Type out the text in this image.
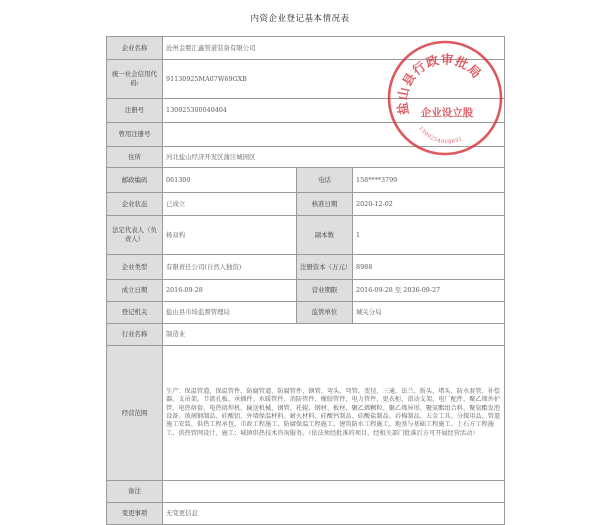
内资企业登记基本情况表
企业名称	沧州金婴汇鑫管道装备有限公司		
统一社会信用代码:	91130925MA07W69GXB		
注册号	130925300040404		
曾用注册号			
住所	河北盐山经济开发区蒲洼城园区		
邮政编码	061300	电话	158****3799
企业状态	已成立	核准日期	2020-12-02
法定代表人（负责人）	杨双构	副本数	1
企业类型	有限责任公司(自然人独资)	注册资本（万元）	8988
成立日期	2016-09-28	营业期限	2016-09-28 至 2036-09-27
登记机关	盐山县市场监督管理局	监管单位	城关分局
行业名称	制造业		
经营范围	生产：保温管道、保温管件、防腐管道、防腐管件、钢管、弯头、弯管、变径、三通、法兰、扳头、堵头、防水套管、补偿器、支吊架、节流孔板、承插件、水暖管件、消防管件、橡胶管件、电力管件、更衣柜、滑动支架、电厂配件、聚乙烯外护管、电热熔套、电热熔焊机、输送机械、钢管、托辊、钢材、板材、聚乙烯颗粒、聚乙烯异形、聚氨酯组合料、聚氨酯发泡设备、玻璃钢制品、硅酸铝、外墙保温材料、耐火材料、硅酸钙制品、硅酸盐制品、岩棉制品、五金工具、分探用品、管道施工安装、供热工程承包、市政工程施工、防腐保温工程施工、建筑防水工程施工、地基与基础工程施工、土石方工程施工、供热管网设计、施工；城镇供热技术咨询服务。（依法须经批准的项目，经相关部门批准后方可开展经营活动）		
备注			
变更事项	无变更信息		
盐山县行政审批局
企业设立股
1309254008831
